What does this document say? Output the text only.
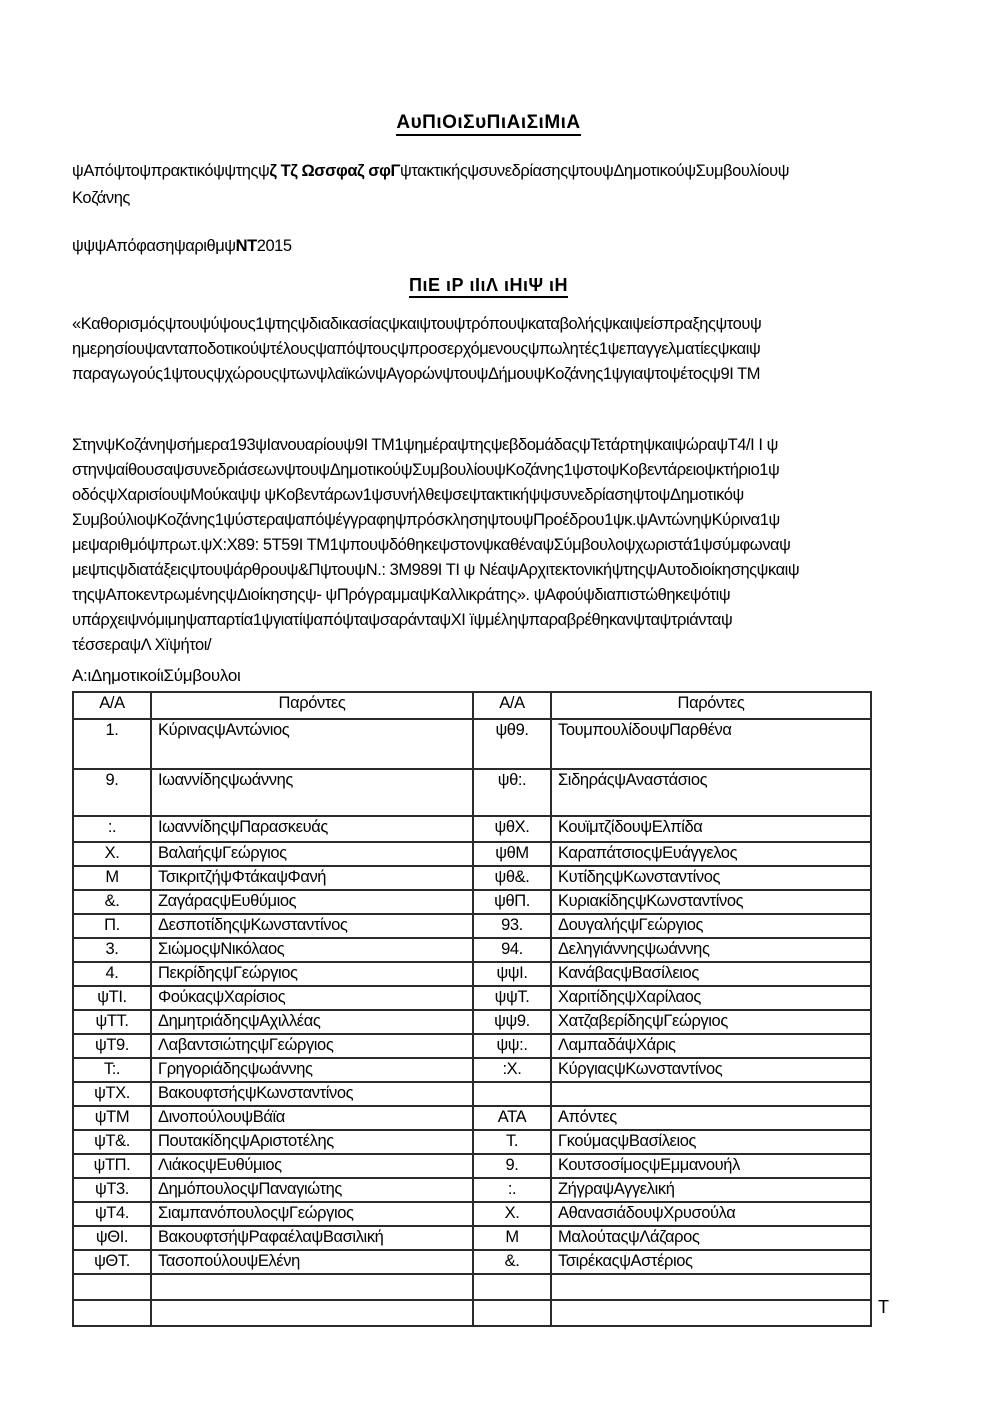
ΑυΠιΟιΣυΠιΑιΣιΜιΑ

ψΑπόψτοψπρακτικόψψτηςψζ Τζ Ωσσφαζ σφΓψτακτικήςψσυνεδρίασηςψτουψΔημοτικούψΣυμβουλίουψ
Κοζάνης

ψψψΑπόφασηψαριθμψΝΤ2015

ΠιΕ ιΡ ιΙιΛ ιΗιΨ ιΗ
«Καθορισμόςψτουψύψους1ψτηςψδιαδικασίαςψκαιψτουψτρόπουψκαταβολήςψκαιψείσπραξηςψτουψ
ημερησίουψανταποδοτικούψτέλουςψαπόψτουςψπροσερχόμενουςψπωλητές1ψεπαγγελματίεςψκαιψ
παραγωγούς1ψτουςψχώρουςψτωνψλαϊκώνψΑγορώνψτουψΔήμουψΚοζάνης1ψγιαψτοψέτοςψ9Ι ΤΜ
ΣτηνψΚοζάνηψσήμερα193ψΙανουαρίουψ9Ι ΤΜ1ψημέραψτηςψεβδομάδαςψΤετάρτηψκαιψώραψΤ4/Ι Ι ψ
στηνψαίθουσαψσυνεδριάσεωνψτουψΔημοτικούψΣυμβουλίουψΚοζάνης1ψστοψΚοβεντάρειοψκτήριο1ψ
οδόςψΧαρισίουψΜούκαψψ ψΚοβεντάρων1ψσυνήλθεψσεψτακτικήψψσυνεδρίασηψτοψΔημοτικόψ
ΣυμβούλιοψΚοζάνης1ψύστεραψαπόψέγγραφηψπρόσκλησηψτουψΠροέδρου1ψκ.ψΑντώνηψΚύρινα1ψ
μεψαριθμόψπρωτ.ψΧ:Χ89: 5Τ59Ι ΤΜ1ψπουψδόθηκεψστονψκαθέναψΣύμβουλοψχωριστά1ψσύμφωναψ
μεψτιςψδιατάξειςψτουψάρθρουψ&ΠψτουψΝ.: 3Μ989Ι ΤΙ ψ ΝέαψΑρχιτεκτονικήψτηςψΑυτοδιοίκησηςψκαιψ
τηςψΑποκεντρωμένηςψΔιοίκησηςψ- ψΠρόγραμμαψΚαλλικράτης». ψΑφούψδιαπιστώθηκεψότιψ
υπάρχειψνόμιμηψαπαρτία1ψγιατίψαπόψταψσαράνταψΧΙ ïψμέληψπαραβρέθηκανψταψτριάνταψ
τέσσεραψΛ Χïψήτοι/
Α:ιΔημοτικοίιΣύμβουλοι
Α/Α	Παρόντες	Α/Α	Παρόντες
1.	ΚύριναςψΑντώνιος	ψθ9.	ΤουμπουλίδουψΠαρθένα
9.	Ιωαννίδηςψωάννης	ψθ:.	ΣιδηράςψΑναστάσιος
:.	ΙωαννίδηςψΠαρασκευάς	ψθΧ.	ΚουϊμτζίδουψΕλπίδα
Χ.	ΒαλαήςψΓεώργιος	ψθΜ	ΚαραπάτσιοςψΕυάγγελος
Μ	ΤσικριτζήψΦτάκαψΦανή	ψθ&.	ΚυτίδηςψΚωνσταντίνος
&.	ΖαγάραςψΕυθύμιος	ψθΠ.	ΚυριακίδηςψΚωνσταντίνος
Π.	ΔεσποτίδηςψΚωνσταντίνος	93.	ΔουγαλήςψΓεώργιος
3.	ΣιώμοςψΝικόλαος	94.	Δεληγιάννηςψωάννης
4.	ΠεκρίδηςψΓεώργιος	ψψΙ.	ΚανάβαςψΒασίλειος
ψΤΙ.	ΦούκαςψΧαρίσιος	ψψΤ.	ΧαριτίδηςψΧαρίλαος
ψΤΤ.	ΔημητριάδηςψΑχιλλέας	ψψ9.	ΧατζαβερίδηςψΓεώργιος
ψΤ9.	ΛαβαντσιώτηςψΓεώργιος	ψψ:.	ΛαμπαδάψΧάρις
Τ:.	Γρηγοριάδηςψωάννης	:Χ.	ΚύργιαςψΚωνσταντίνος
ψΤΧ.	ΒακουφτσήςψΚωνσταντίνος		
ψΤΜ	ΔινοπούλουψΒάϊα	ΑΤΑ	Απόντες
ψΤ&.	ΠουτακίδηςψΑριστοτέλης	Τ.	ΓκούμαςψΒασίλειος
ψΤΠ.	ΛιάκοςψΕυθύμιος	9.	ΚουτσοσίμοςψΕμμανουήλ
ψΤ3.	ΔημόπουλοςψΠαναγιώτης	:.	ΖήγραψΑγγελική
ψΤ4.	ΣιαμπανόπουλοςψΓεώργιος	Χ.	ΑθανασιάδουψΧρυσούλα
ψΘΙ.	ΒακουφτσήψΡαφαέλαψΒασιλική	Μ	ΜαλούταςψΛάζαρος
ψΘΤ.	ΤασοπούλουψΕλένη	&.	ΤσιρέκαςψΑστέριος

Τ
